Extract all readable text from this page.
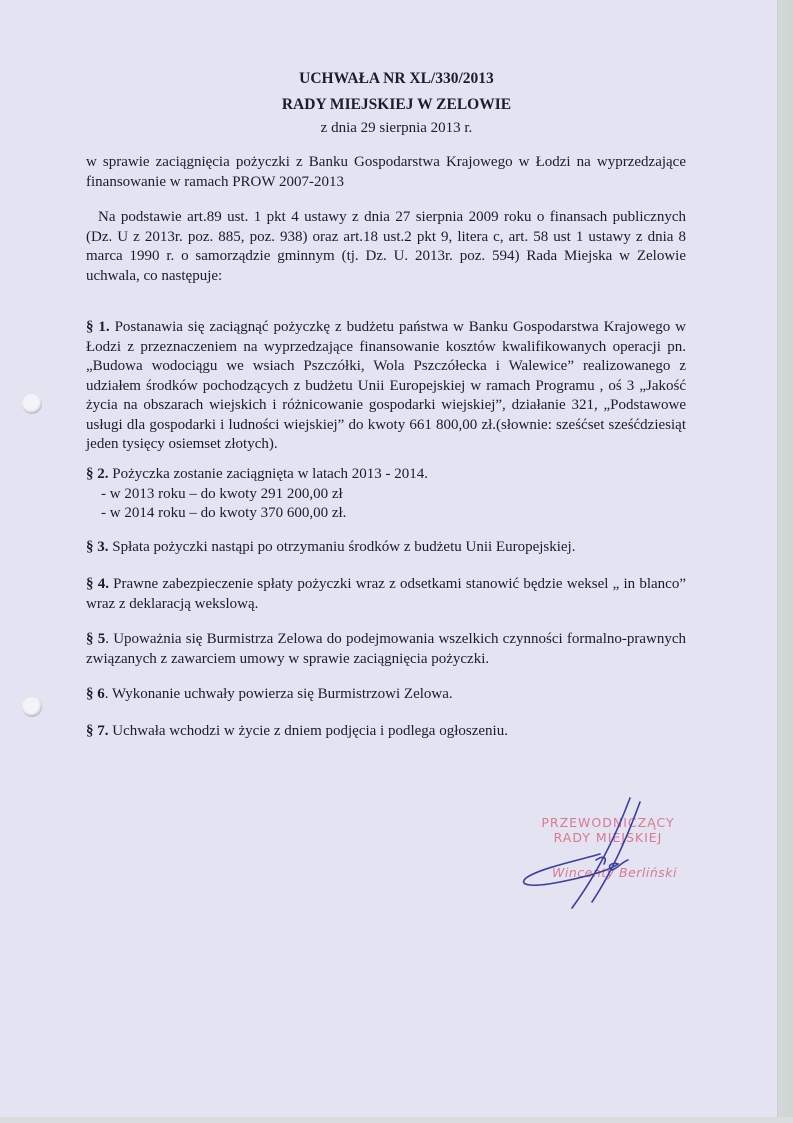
UCHWAŁA NR XL/330/2013
RADY MIEJSKIEJ W ZELOWIE
z dnia 29 sierpnia 2013 r.
w sprawie zaciągnięcia pożyczki z Banku Gospodarstwa Krajowego w Łodzi na wyprzedzające finansowanie w ramach PROW 2007-2013
Na podstawie art.89 ust. 1 pkt 4 ustawy z dnia 27 sierpnia 2009 roku o finansach publicznych (Dz. U z 2013r. poz. 885, poz. 938) oraz art.18 ust.2 pkt 9, litera c, art. 58 ust 1 ustawy z dnia 8 marca 1990 r. o samorządzie gminnym (tj. Dz. U. 2013r. poz. 594) Rada Miejska w Zelowie uchwala, co następuje:
§ 1. Postanawia się zaciągnąć pożyczkę z budżetu państwa w Banku Gospodarstwa Krajowego w Łodzi z przeznaczeniem na wyprzedzające finansowanie kosztów kwalifikowanych operacji pn. „Budowa wodociągu we wsiach Pszczółki, Wola Pszczółecka i Walewice” realizowanego z udziałem środków pochodzących z budżetu Unii Europejskiej w ramach Programu , oś 3 „Jakość życia na obszarach wiejskich i różnicowanie gospodarki wiejskiej”, działanie 321, „Podstawowe usługi dla gospodarki i ludności wiejskiej” do kwoty 661 800,00 zł.(słownie: sześćset sześćdziesiąt jeden tysięcy osiemset złotych).
§ 2. Pożyczka zostanie zaciągnięta w latach 2013 - 2014.
- w 2013 roku – do kwoty 291 200,00 zł
- w 2014 roku – do kwoty 370 600,00 zł.
§ 3. Spłata pożyczki nastąpi po otrzymaniu środków z budżetu Unii Europejskiej.
§ 4. Prawne zabezpieczenie spłaty pożyczki wraz z odsetkami stanowić będzie weksel „ in blanco” wraz z deklaracją wekslową.
§ 5. Upoważnia się Burmistrza Zelowa do podejmowania wszelkich czynności formalno-prawnych związanych z zawarciem umowy w sprawie zaciągnięcia pożyczki.
§ 6. Wykonanie uchwały powierza się Burmistrzowi Zelowa.
§ 7. Uchwała wchodzi w życie z dniem podjęcia i podlega ogłoszeniu.
PRZEWODNICZĄCY
RADY MIEJSKIEJ
Wincenty Berliński
